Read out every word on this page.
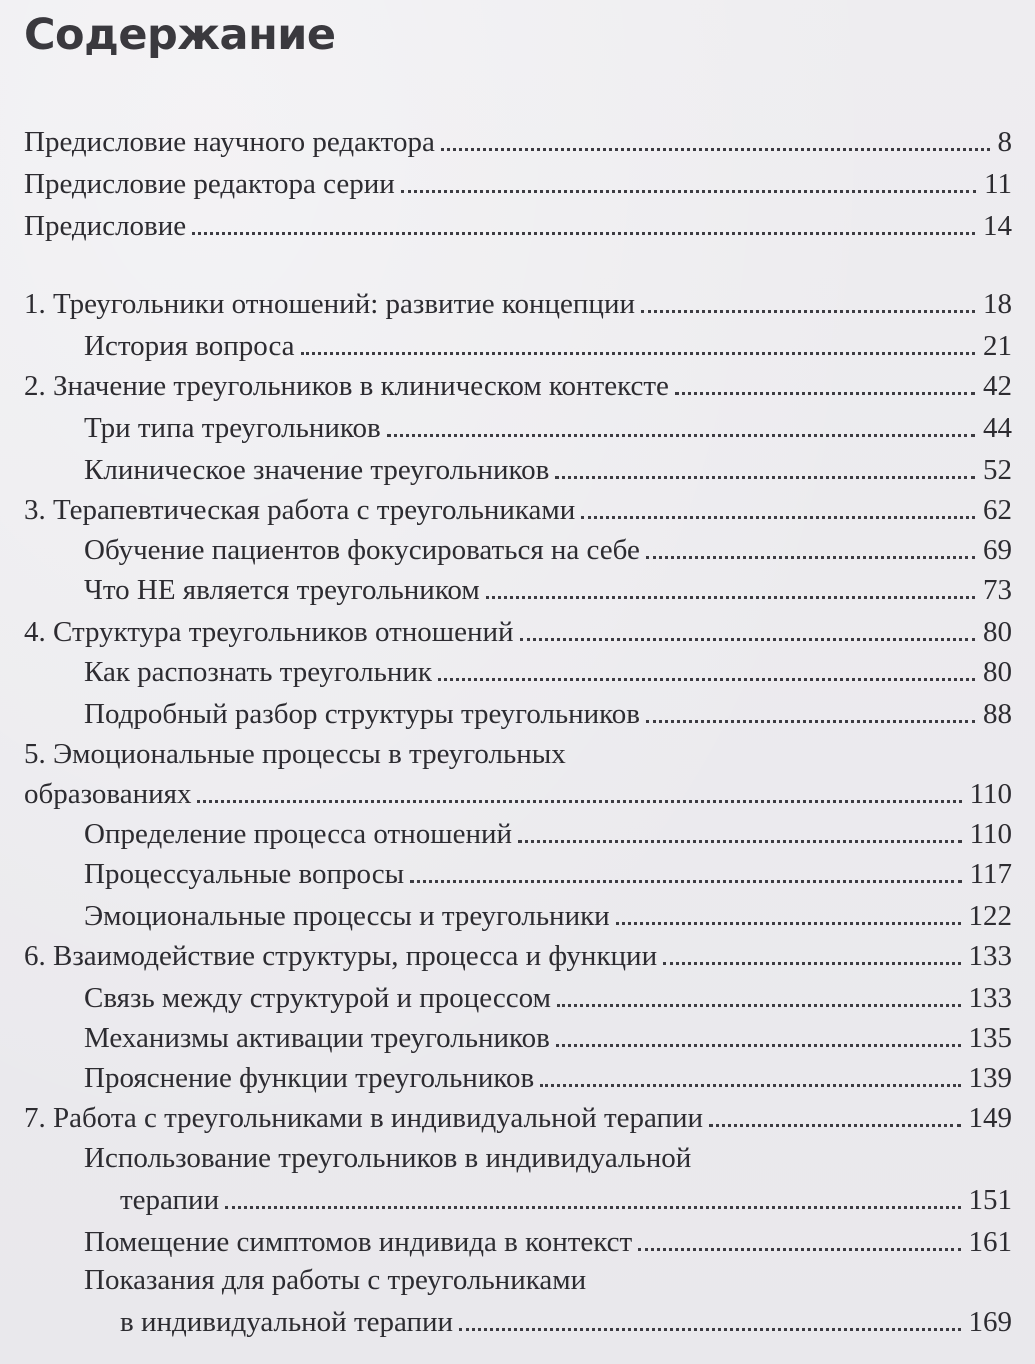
Содержание
Предисловие научного редактора	8
Предисловие редактора серии	11
Предисловие	14
1. Треугольники отношений: развитие концепции	18
История вопроса	21
2. Значение треугольников в клиническом контексте	42
Три типа треугольников	44
Клиническое значение треугольников	52
3. Терапевтическая работа с треугольниками	62
Обучение пациентов фокусироваться на себе	69
Что НЕ является треугольником	73
4. Структура треугольников отношений	80
Как распознать треугольник	80
Подробный разбор структуры треугольников	88
5. Эмоциональные процессы в треугольных
образованиях	110
Определение процесса отношений	110
Процессуальные вопросы	117
Эмоциональные процессы и треугольники	122
6. Взаимодействие структуры, процесса и функции	133
Связь между структурой и процессом	133
Механизмы активации треугольников	135
Прояснение функции треугольников	139
7. Работа с треугольниками в индивидуальной терапии	149
Использование треугольников в индивидуальной
терапии	151
Помещение симптомов индивида в контекст	161
Показания для работы с треугольниками
в индивидуальной терапии	169
